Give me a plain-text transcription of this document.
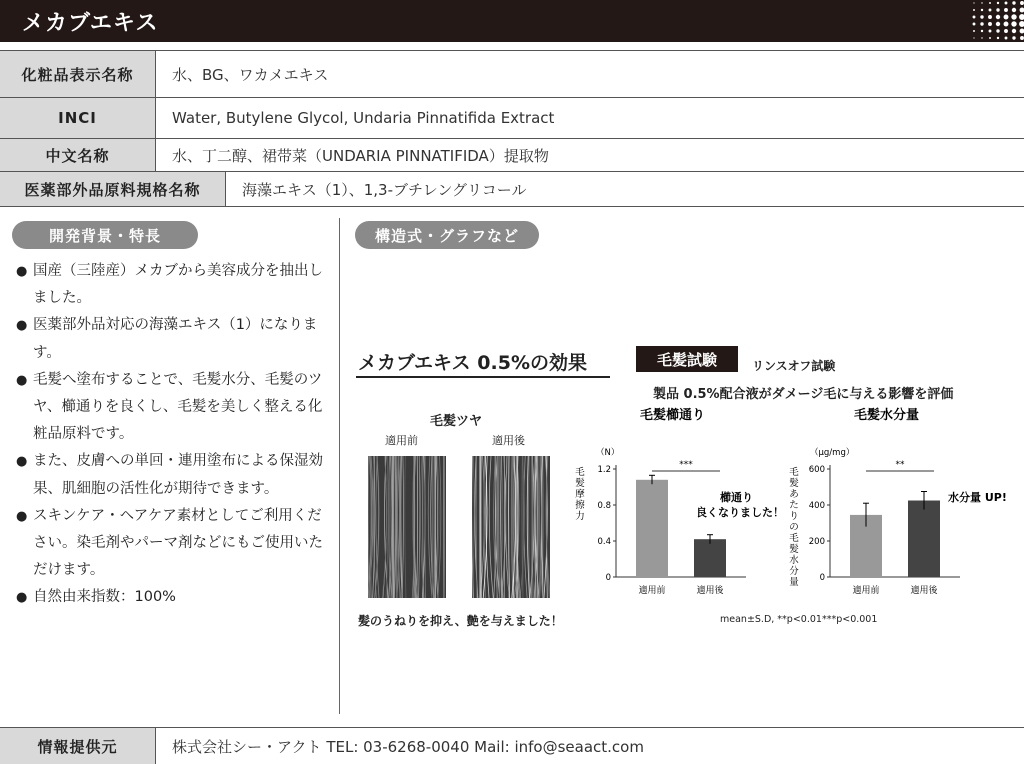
メカブエキス
化粧品表示名称	水、BG、ワカメエキス
INCI	Water, Butylene Glycol, Undaria Pinnatifida Extract
中文名称	水、丁二醇、裙带菜（UNDARIA PINNATIFIDA）提取物
医薬部外品原料規格名称	海藻エキス（1）、1,3-ブチレングリコール
開発背景・特長	構造式・グラフなど
● 国産（三陸産）メカブから美容成分を抽出しました。
● 医薬部外品対応の海藻エキス（1）になります。
● 毛髪へ塗布することで、毛髪水分、毛髪のツヤ、櫛通りを良くし、毛髪を美しく整える化粧品原料です。
● また、皮膚への単回・連用塗布による保湿効果、肌細胞の活性化が期待できます。
● スキンケア・ヘアケア素材としてご利用ください。染毛剤やパーマ剤などにもご使用いただけます。
● 自然由来指数：100%
メカブエキス 0.5%の効果	毛髪試験	リンスオフ試験
製品 0.5%配合液がダメージ毛に与える影響を評価
毛髪ツヤ
適用前	適用後
髪のうねりを抑え、艶を与えました！
毛髪櫛通り
（N）
0
0.4
0.8
1.2
毛
髪
摩
擦
力
適用前	適用後
***
櫛通り
良くなりました！
毛髪水分量
（μg/mg）
0
200
400
600
毛
髪
あ
た
り
の
毛
髪
水
分
量
適用前	適用後
**
水分量 UP!
mean±S.D, **p<0.01***p<0.001
情報提供元	株式会社シー・アクト TEL: 03-6268-0040 Mail: info@seaact.com
